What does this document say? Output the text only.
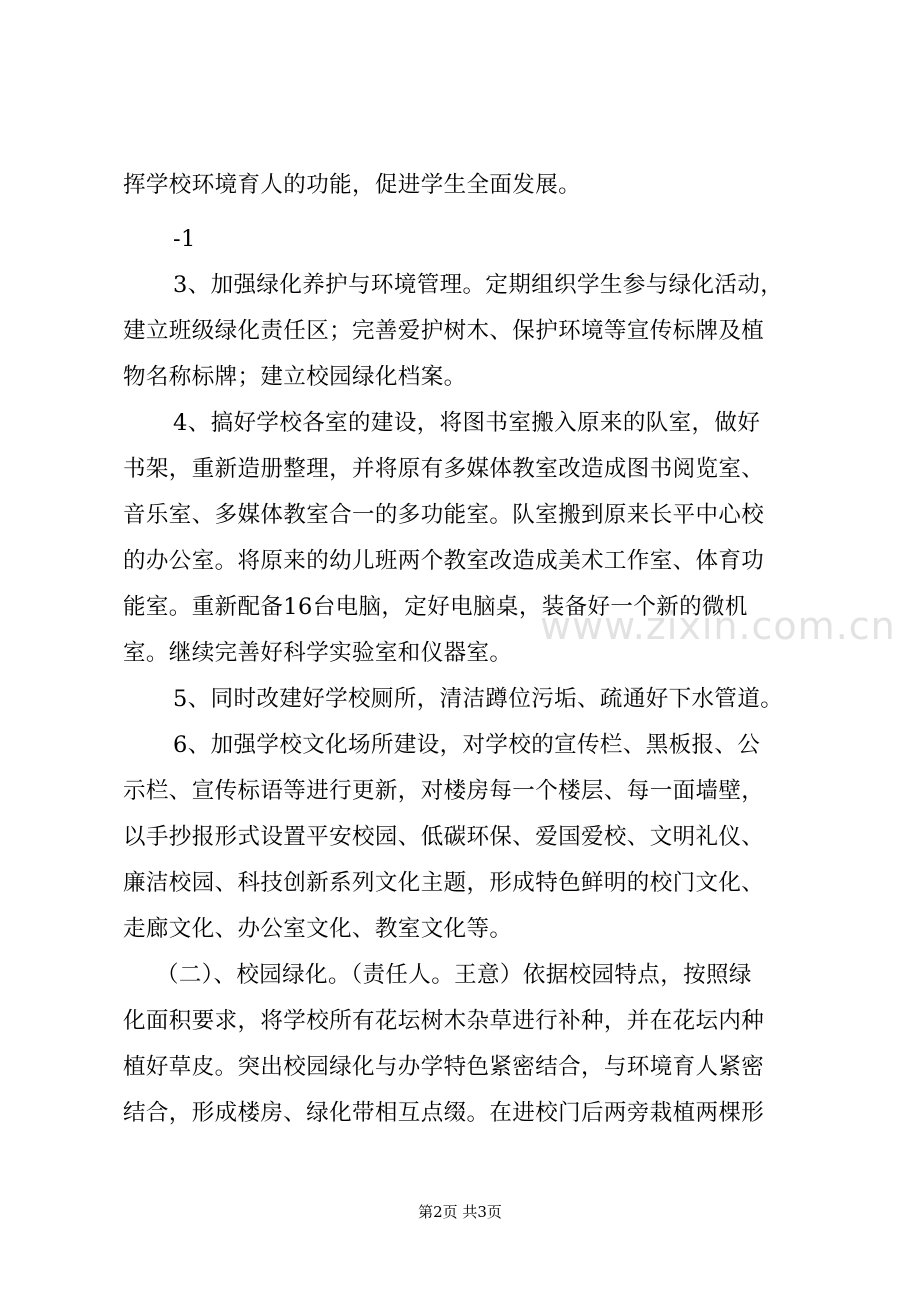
www.zixin.com.cn
挥学校环境育人的功能，促进学生全面发展。
-1
3、加强绿化养护与环境管理。定期组织学生参与绿化活动，
建立班级绿化责任区；完善爱护树木、保护环境等宣传标牌及植
物名称标牌；建立校园绿化档案。
4、搞好学校各室的建设，将图书室搬入原来的队室，做好
书架，重新造册整理，并将原有多媒体教室改造成图书阅览室、
音乐室、多媒体教室合一的多功能室。队室搬到原来长平中心校
的办公室。将原来的幼儿班两个教室改造成美术工作室、体育功
能室。重新配备16台电脑，定好电脑桌，装备好一个新的微机
室。继续完善好科学实验室和仪器室。
5、同时改建好学校厕所，清洁蹲位污垢、疏通好下水管道。
6、加强学校文化场所建设，对学校的宣传栏、黑板报、公
示栏、宣传标语等进行更新，对楼房每一个楼层、每一面墙壁，
以手抄报形式设置平安校园、低碳环保、爱国爱校、文明礼仪、
廉洁校园、科技创新系列文化主题，形成特色鲜明的校门文化、
走廊文化、办公室文化、教室文化等。
（二）、校园绿化。（责任人。王意）依据校园特点，按照绿
化面积要求，将学校所有花坛树木杂草进行补种，并在花坛内种
植好草皮。突出校园绿化与办学特色紧密结合，与环境育人紧密
结合，形成楼房、绿化带相互点缀。在进校门后两旁栽植两棵形
第2页 共3页
